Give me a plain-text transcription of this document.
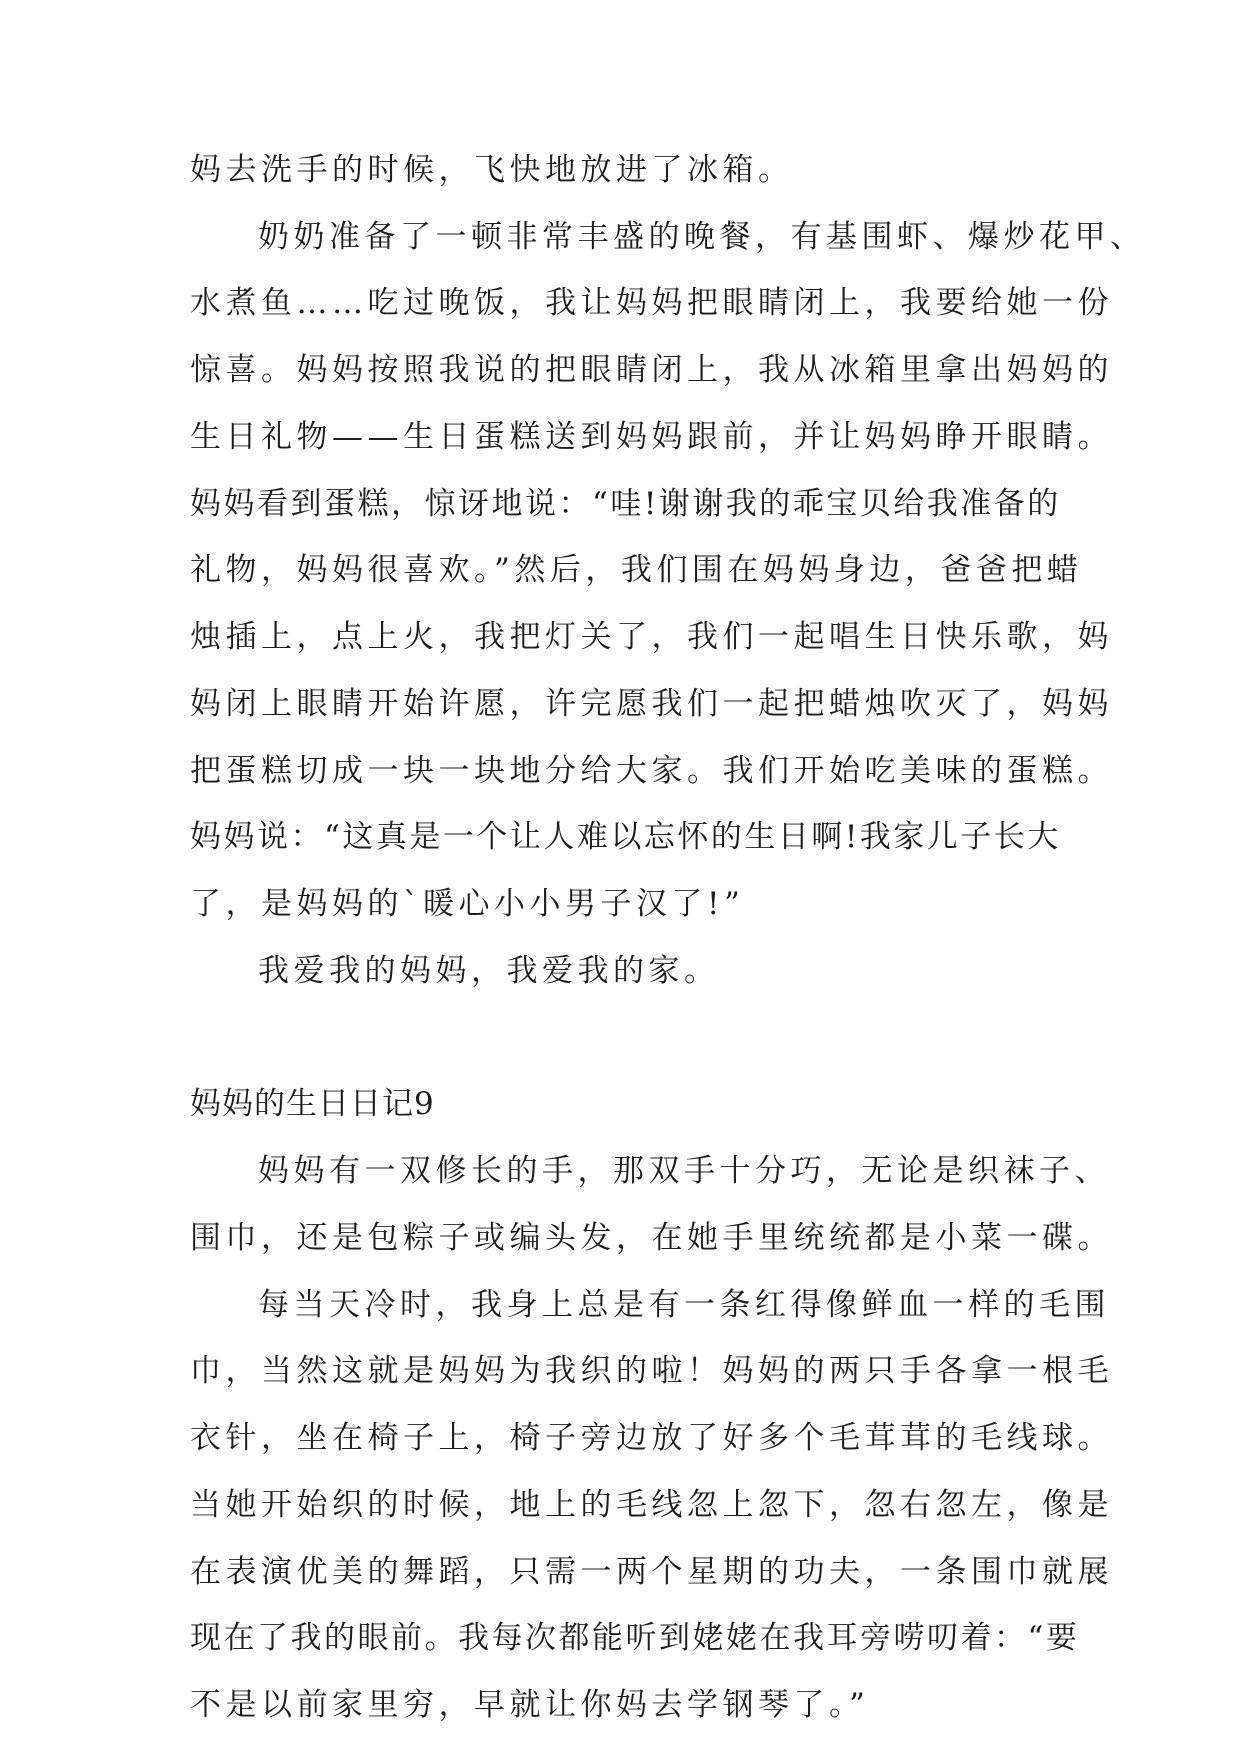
妈去洗手的时候，飞快地放进了冰箱。

奶奶准备了一顿非常丰盛的晚餐，有基围虾、爆炒花甲、

水煮鱼……吃过晚饭，我让妈妈把眼睛闭上，我要给她一份

惊喜。妈妈按照我说的把眼睛闭上，我从冰箱里拿出妈妈的

生日礼物——生日蛋糕送到妈妈跟前，并让妈妈睁开眼睛。

妈妈看到蛋糕，惊讶地说：“哇!谢谢我的乖宝贝给我准备的

礼物，妈妈很喜欢。”然后，我们围在妈妈身边，爸爸把蜡

烛插上，点上火，我把灯关了，我们一起唱生日快乐歌，妈

妈闭上眼睛开始许愿，许完愿我们一起把蜡烛吹灭了，妈妈

把蛋糕切成一块一块地分给大家。我们开始吃美味的蛋糕。

妈妈说：“这真是一个让人难以忘怀的生日啊!我家儿子长大

了，是妈妈的`暖心小小男子汉了!”

我爱我的妈妈，我爱我的家。

妈妈的生日日记9

妈妈有一双修长的手，那双手十分巧，无论是织袜子、

围巾，还是包粽子或编头发，在她手里统统都是小菜一碟。

每当天冷时，我身上总是有一条红得像鲜血一样的毛围

巾，当然这就是妈妈为我织的啦！妈妈的两只手各拿一根毛

衣针，坐在椅子上，椅子旁边放了好多个毛茸茸的毛线球。

当她开始织的时候，地上的毛线忽上忽下，忽右忽左，像是

在表演优美的舞蹈，只需一两个星期的功夫，一条围巾就展

现在了我的眼前。我每次都能听到姥姥在我耳旁唠叨着：“要

不是以前家里穷，早就让你妈去学钢琴了。”
